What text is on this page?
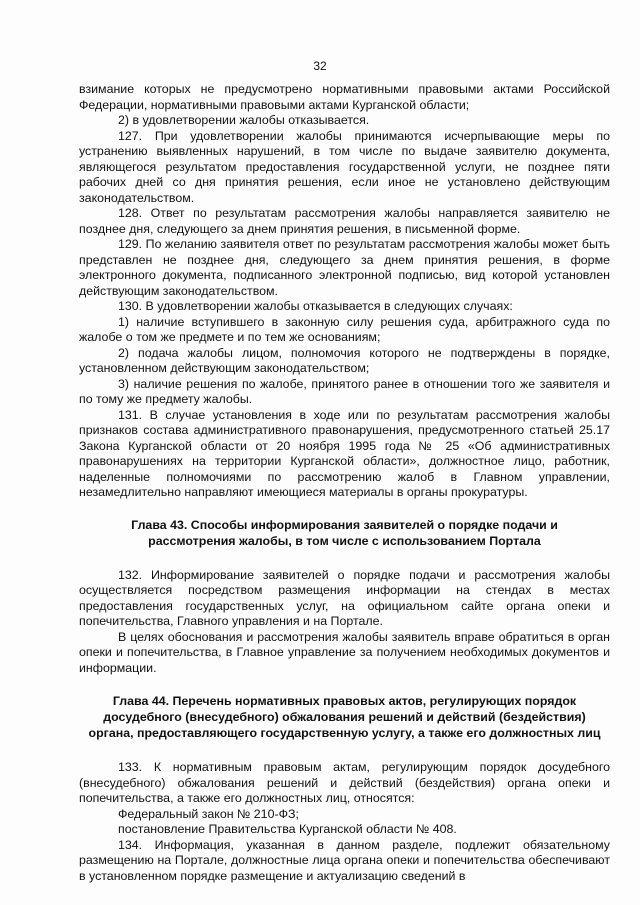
32

взимание которых не предусмотрено нормативными правовыми актами Российской Федерации, нормативными правовыми актами Курганской области;

2) в удовлетворении жалобы отказывается.

127. При удовлетворении жалобы принимаются исчерпывающие меры по устранению выявленных нарушений, в том числе по выдаче заявителю документа, являющегося результатом предоставления государственной услуги, не позднее пяти рабочих дней со дня принятия решения, если иное не установлено действующим законодательством.

128. Ответ по результатам рассмотрения жалобы направляется заявителю не позднее дня, следующего за днем принятия решения, в письменной форме.

129. По желанию заявителя ответ по результатам рассмотрения жалобы может быть представлен не позднее дня, следующего за днем принятия решения, в форме электронного документа, подписанного электронной подписью, вид которой установлен действующим законодательством.

130. В удовлетворении жалобы отказывается в следующих случаях:

1) наличие вступившего в законную силу решения суда, арбитражного суда по жалобе о том же предмете и по тем же основаниям;

2) подача жалобы лицом, полномочия которого не подтверждены в порядке, установленном действующим законодательством;

3) наличие решения по жалобе, принятого ранее в отношении того же заявителя и по тому же предмету жалобы.

131. В случае установления в ходе или по результатам рассмотрения жалобы признаков состава административного правонарушения, предусмотренного статьей 25.17 Закона Курганской области от 20 ноября 1995 года № 25 «Об административных правонарушениях на территории Курганской области», должностное лицо, работник, наделенные полномочиями по рассмотрению жалоб в Главном управлении, незамедлительно направляют имеющиеся материалы в органы прокуратуры.

Глава 43. Способы информирования заявителей о порядке подачи и
рассмотрения жалобы, в том числе с использованием Портала

132. Информирование заявителей о порядке подачи и рассмотрения жалобы осуществляется посредством размещения информации на стендах в местах предоставления государственных услуг, на официальном сайте органа опеки и попечительства, Главного управления и на Портале.

В целях обоснования и рассмотрения жалобы заявитель вправе обратиться в орган опеки и попечительства, в Главное управление за получением необходимых документов и информации.

Глава 44. Перечень нормативных правовых актов, регулирующих порядок
досудебного (внесудебного) обжалования решений и действий (бездействия)
органа, предоставляющего государственную услугу, а также его должностных лиц

133. К нормативным правовым актам, регулирующим порядок досудебного (внесудебного) обжалования решений и действий (бездействия) органа опеки и попечительства, а также его должностных лиц, относятся:

Федеральный закон № 210-ФЗ;

постановление Правительства Курганской области № 408.

134. Информация, указанная в данном разделе, подлежит обязательному размещению на Портале, должностные лица органа опеки и попечительства обеспечивают в установленном порядке размещение и актуализацию сведений в
